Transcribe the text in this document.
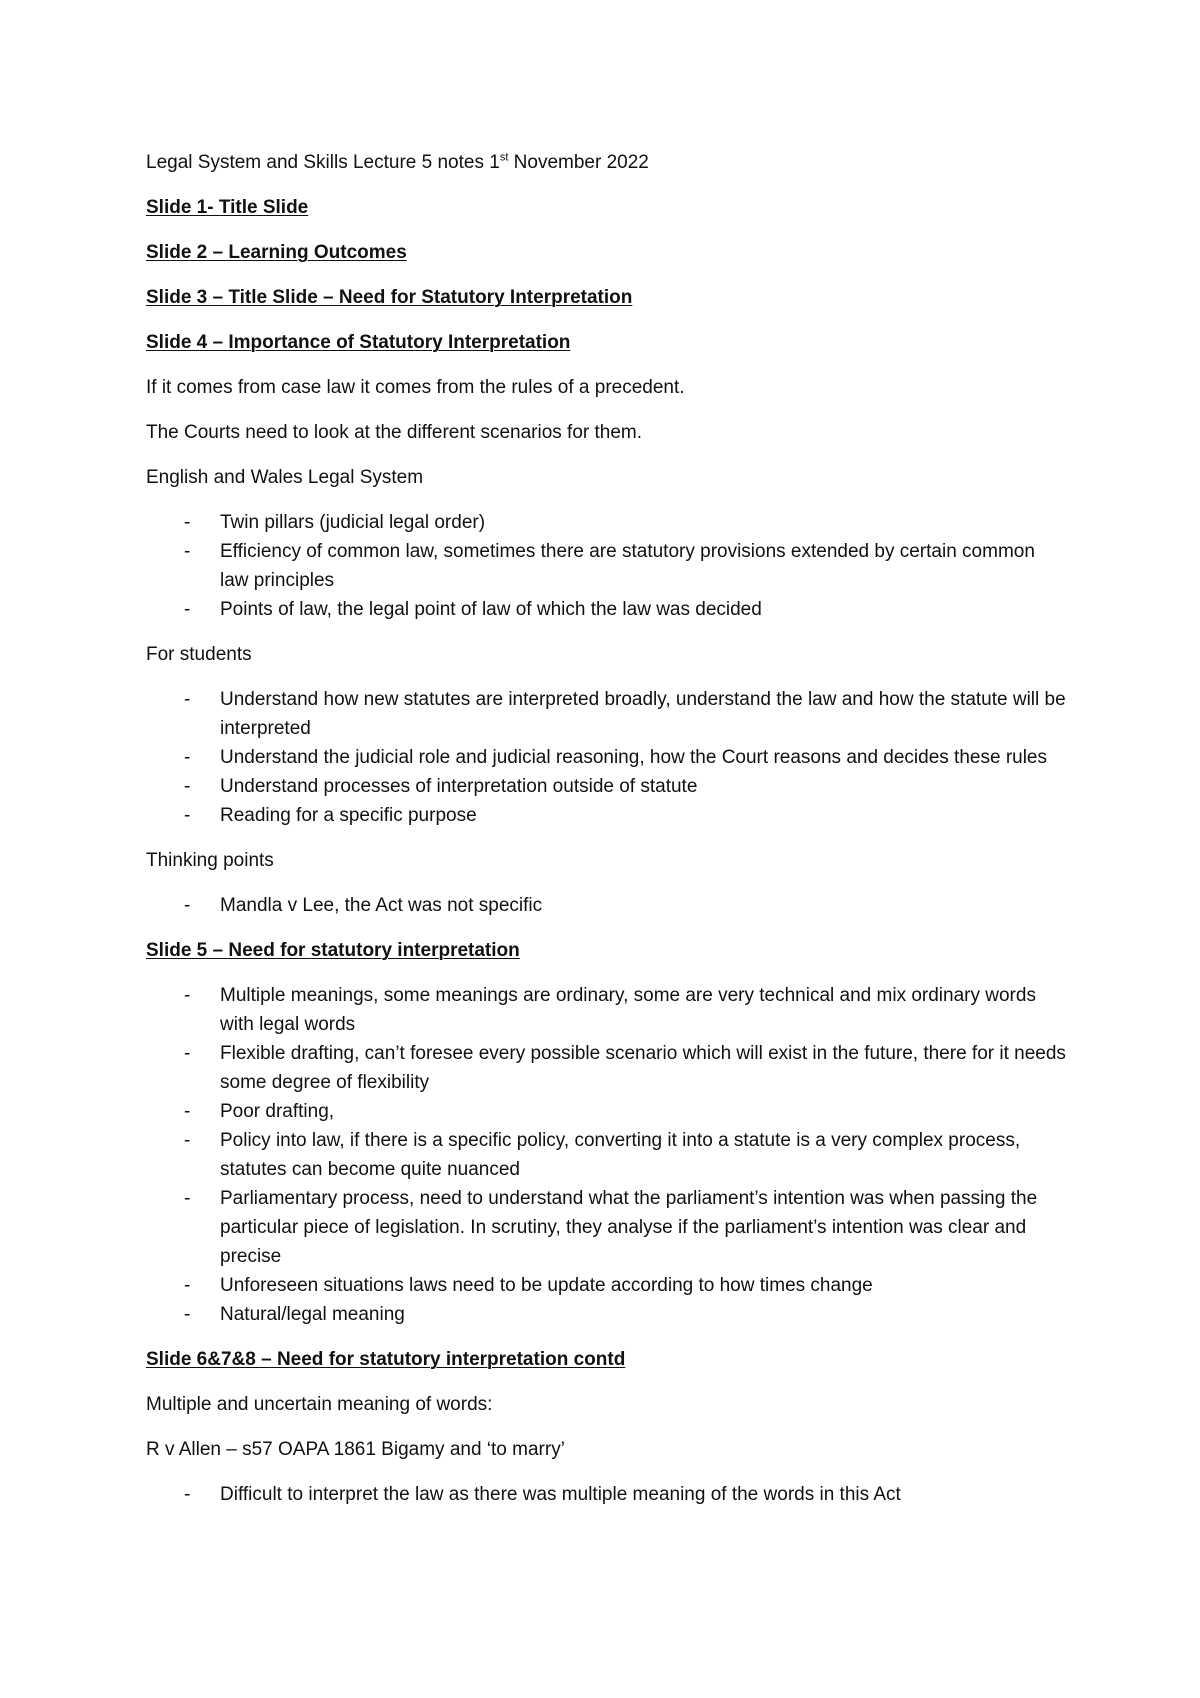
Legal System and Skills Lecture 5 notes 1st November 2022

Slide 1- Title Slide

Slide 2 – Learning Outcomes

Slide 3 – Title Slide – Need for Statutory Interpretation

Slide 4 – Importance of Statutory Interpretation

If it comes from case law it comes from the rules of a precedent.

The Courts need to look at the different scenarios for them.

English and Wales Legal System

- Twin pillars (judicial legal order)
- Efficiency of common law, sometimes there are statutory provisions extended by certain common law principles
- Points of law, the legal point of law of which the law was decided

For students

- Understand how new statutes are interpreted broadly, understand the law and how the statute will be interpreted
- Understand the judicial role and judicial reasoning, how the Court reasons and decides these rules
- Understand processes of interpretation outside of statute
- Reading for a specific purpose

Thinking points

- Mandla v Lee, the Act was not specific

Slide 5 – Need for statutory interpretation

- Multiple meanings, some meanings are ordinary, some are very technical and mix ordinary words with legal words
- Flexible drafting, can’t foresee every possible scenario which will exist in the future, there for it needs some degree of flexibility
- Poor drafting,
- Policy into law, if there is a specific policy, converting it into a statute is a very complex process, statutes can become quite nuanced
- Parliamentary process, need to understand what the parliament’s intention was when passing the particular piece of legislation. In scrutiny, they analyse if the parliament’s intention was clear and precise
- Unforeseen situations laws need to be update according to how times change
- Natural/legal meaning

Slide 6&7&8 – Need for statutory interpretation contd

Multiple and uncertain meaning of words:

R v Allen – s57 OAPA 1861 Bigamy and ‘to marry’

- Difficult to interpret the law as there was multiple meaning of the words in this Act
